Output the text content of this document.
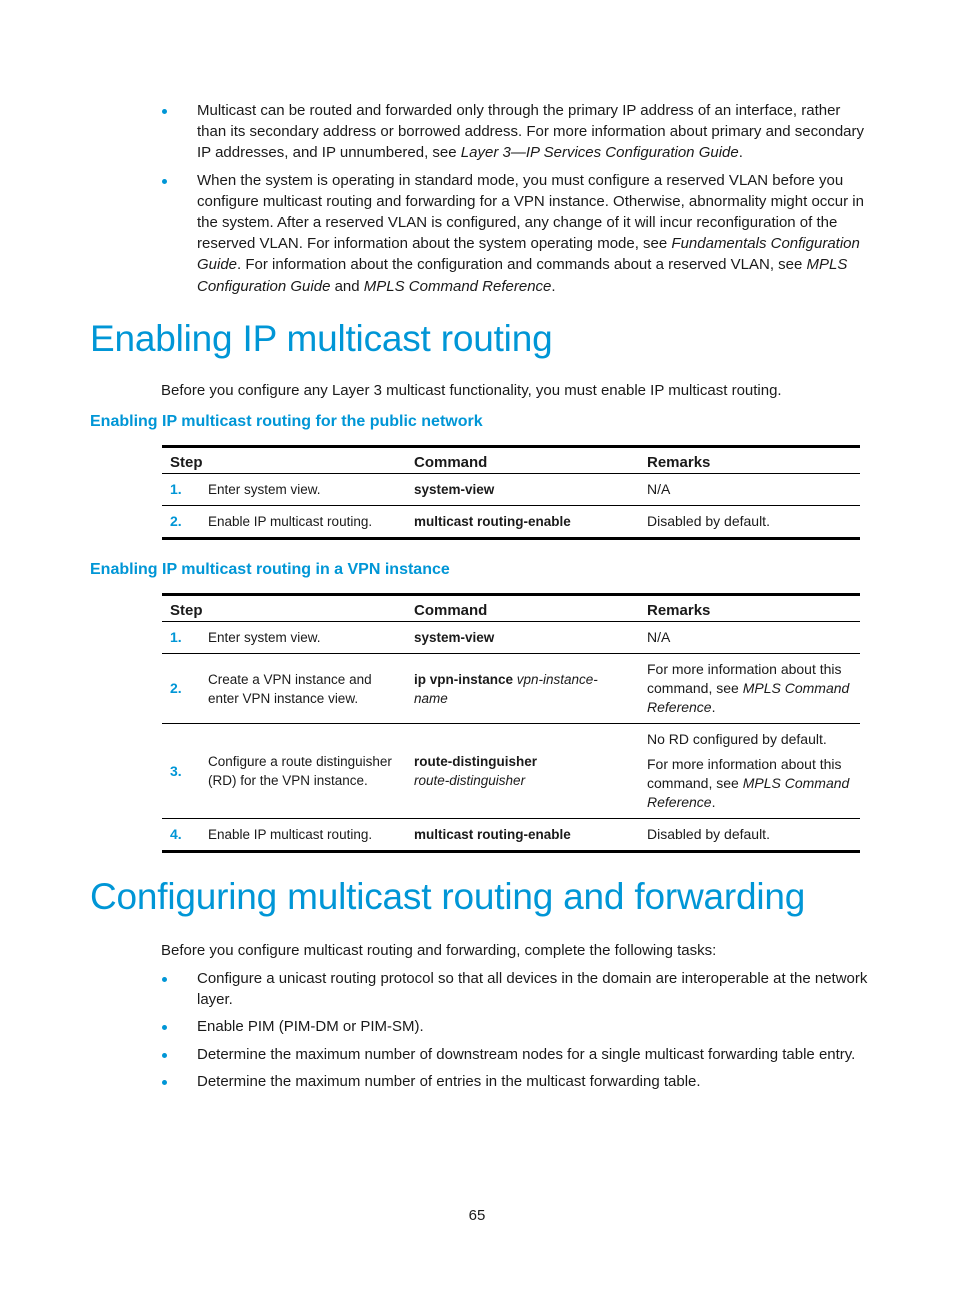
Multicast can be routed and forwarded only through the primary IP address of an interface, rather than its secondary address or borrowed address. For more information about primary and secondary IP addresses, and IP unnumbered, see Layer 3—IP Services Configuration Guide.
When the system is operating in standard mode, you must configure a reserved VLAN before you configure multicast routing and forwarding for a VPN instance. Otherwise, abnormality might occur in the system. After a reserved VLAN is configured, any change of it will incur reconfiguration of the reserved VLAN. For information about the system operating mode, see Fundamentals Configuration Guide. For information about the configuration and commands about a reserved VLAN, see MPLS Configuration Guide and MPLS Command Reference.
Enabling IP multicast routing

Before you configure any Layer 3 multicast functionality, you must enable IP multicast routing.

Enabling IP multicast routing for the public network
Step		Command	Remarks
1.	Enter system view.	system-view	N/A

2.	Enable IP multicast routing.	multicast routing-enable	Disabled by default.
Enabling IP multicast routing in a VPN instance
Step		Command	Remarks
1.	Enter system view.	system-view	N/A

2.	Create a VPN instance and enter VPN instance view.	ip vpn-instance vpn-instance-name	For more information about this command, see MPLS Command Reference.

3.	Configure a route distinguisher (RD) for the VPN instance.	route-distinguisher
route-distinguisher	No RD configured by default.
For more information about this command, see MPLS Command Reference.

4.	Enable IP multicast routing.	multicast routing-enable	Disabled by default.
Configuring multicast routing and forwarding

Before you configure multicast routing and forwarding, complete the following tasks:

Configure a unicast routing protocol so that all devices in the domain are interoperable at the network layer.
Enable PIM (PIM-DM or PIM-SM).
Determine the maximum number of downstream nodes for a single multicast forwarding table entry.
Determine the maximum number of entries in the multicast forwarding table.
65
